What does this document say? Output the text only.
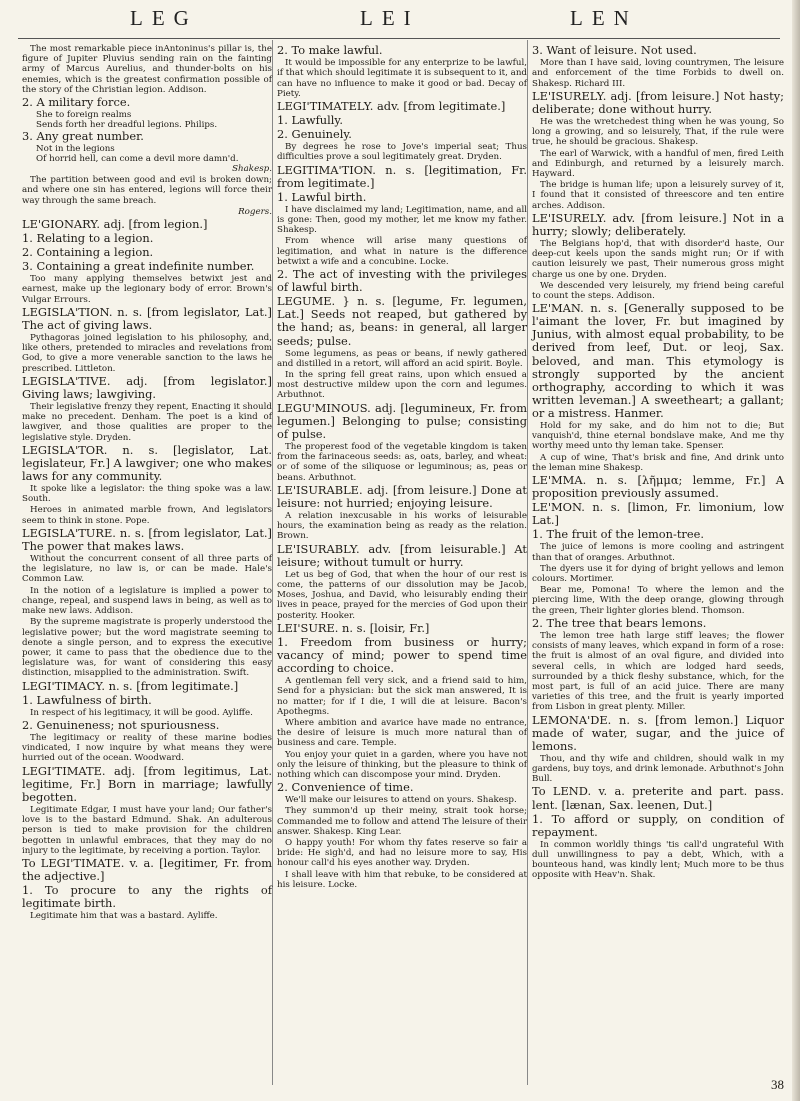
LEG	LEI	LEN

The most remarkable piece inAntoninus's pillar is, the figure of Jupiter Pluvius sending rain on the fainting army of Marcus Aurelius, and thunder-bolts on his enemies, which is the greatest confirmation possible of the story of the Christian legion. Addison.

2. A military force.

She to foreign realms

Sends forth her dreadful legions. Philips.

3. Any great number.

Not in the legions

Of horrid hell, can come a devil more damn'd.

Shakesp.

The partition between good and evil is broken down; and where one sin has entered, legions will force their way through the same breach.

Rogers.

LE'GIONARY. adj. [from legion.]

1. Relating to a legion.

2. Containing a legion.

3. Containing a great indefinite number.

Too many applying themselves betwixt jest and earnest, make up the legionary body of error. Brown's Vulgar Errours.

LEGISLA'TION. n. s. [from legislator, Lat.] The act of giving laws.

Pythagoras joined legislation to his philosophy, and, like others, pretended to miracles and revelations from God, to give a more venerable sanction to the laws he prescribed. Littleton.

LEGISLA'TIVE. adj. [from legislator.] Giving laws; lawgiving.

Their legislative frenzy they repent, Enacting it should make no precedent. Denham. The poet is a kind of lawgiver, and those qualities are proper to the legislative style. Dryden.

LEGISLA'TOR. n. s. [legislator, Lat. legislateur, Fr.] A lawgiver; one who makes laws for any community.

It spoke like a legislator: the thing spoke was a law. South.

Heroes in animated marble frown, And legislators seem to think in stone. Pope.

LEGISLA'TURE. n. s. [from legislator, Lat.] The power that makes laws.

Without the concurrent consent of all three parts of the legislature, no law is, or can be made. Hale's Common Law.

In the notion of a legislature is implied a power to change, repeal, and suspend laws in being, as well as to make new laws. Addison.

By the supreme magistrate is properly understood the legislative power; but the word magistrate seeming to denote a single person, and to express the executive power, it came to pass that the obedience due to the legislature was, for want of considering this easy distinction, misapplied to the administration. Swift.

LEGI'TIMACY. n. s. [from legitimate.]

1. Lawfulness of birth.

In respect of his legitimacy, it will be good. Ayliffe.

2. Genuineness; not spuriousness.

The legitimacy or reality of these marine bodies vindicated, I now inquire by what means they were hurried out of the ocean. Woodward.

LEGI'TIMATE. adj. [from legitimus, Lat. legitime, Fr.] Born in marriage; lawfully begotten.

Legitimate Edgar, I must have your land; Our father's love is to the bastard Edmund. Shak. An adulterous person is tied to make provision for the children begotten in unlawful embraces, that they may do no injury to the legitimate, by receiving a portion. Taylor.

To LEGI'TIMATE. v. a. [legitimer, Fr. from the adjective.]

1. To procure to any the rights of legitimate birth.

Legitimate him that was a bastard. Ayliffe.

2. To make lawful.

It would be impossible for any enterprize to be lawful, if that which should legitimate it is subsequent to it, and can have no influence to make it good or bad. Decay of Piety.

LEGI'TIMATELY. adv. [from legitimate.]

1. Lawfully.

2. Genuinely.

By degrees he rose to Jove's imperial seat; Thus difficulties prove a soul legitimately great. Dryden.

LEGITIMA'TION. n. s. [legitimation, Fr. from legitimate.]

1. Lawful birth.

I have disclaimed my land; Legitimation, name, and all is gone: Then, good my mother, let me know my father. Shakesp.

From whence will arise many questions of legitimation, and what in nature is the difference betwixt a wife and a concubine. Locke.

2. The act of investing with the privileges of lawful birth.

LEGUME. } n. s. [legume, Fr. legumen, Lat.] Seeds not reaped, but gathered by the hand; as, beans: in general, all larger seeds; pulse.

Some legumens, as peas or beans, if newly gathered and distilled in a retort, will afford an acid spirit. Boyle.

In the spring fell great rains, upon which ensued a most destructive mildew upon the corn and legumes. Arbuthnot.

LEGU'MINOUS. adj. [legumineux, Fr. from legumen.] Belonging to pulse; consisting of pulse.

The properest food of the vegetable kingdom is taken from the farinaceous seeds: as, oats, barley, and wheat: or of some of the siliquose or leguminous; as, peas or beans. Arbuthnot.

LE'ISURABLE. adj. [from leisure.] Done at leisure: not hurried; enjoying leisure.

A relation inexcusable in his works of leisurable hours, the examination being as ready as the relation. Brown.

LE'ISURABLY. adv. [from leisurable.] At leisure; without tumult or hurry.

Let us beg of God, that when the hour of our rest is come, the patterns of our dissolution may be Jacob, Moses, Joshua, and David, who leisurably ending their lives in peace, prayed for the mercies of God upon their posterity. Hooker.

LEI'SURE. n. s. [loisir, Fr.]

1. Freedom from business or hurry; vacancy of mind; power to spend time according to choice.

A gentleman fell very sick, and a friend said to him, Send for a physician: but the sick man answered, It is no matter; for if I die, I will die at leisure. Bacon's Apothegms.

Where ambition and avarice have made no entrance, the desire of leisure is much more natural than of business and care. Temple.

You enjoy your quiet in a garden, where you have not only the leisure of thinking, but the pleasure to think of nothing which can discompose your mind. Dryden.

2. Convenience of time.

We'll make our leisures to attend on yours. Shakesp.

They summon'd up their meiny, strait took horse; Commanded me to follow and attend The leisure of their answer. Shakesp. King Lear.

O happy youth! For whom thy fates reserve so fair a bride: He sigh'd, and had no leisure more to say, His honour call'd his eyes another way. Dryden.

I shall leave with him that rebuke, to be considered at his leisure. Locke.

3. Want of leisure. Not used.

More than I have said, loving countrymen, The leisure and enforcement of the time Forbids to dwell on. Shakesp. Richard III.

LE'ISURELY. adj. [from leisure.] Not hasty; deliberate; done without hurry.

He was the wretchedest thing when he was young, So long a growing, and so leisurely, That, if the rule were true, he should be gracious. Shakesp.

The earl of Warwick, with a handful of men, fired Leith and Edinburgh, and returned by a leisurely march. Hayward.

The bridge is human life; upon a leisurely survey of it, I found that it consisted of threescore and ten entire arches. Addison.

LE'ISURELY. adv. [from leisure.] Not in a hurry; slowly; deliberately.

The Belgians hop'd, that with disorder'd haste, Our deep-cut keels upon the sands might run; Or if with caution leisurely we past, Their numerous gross might charge us one by one. Dryden.

We descended very leisurely, my friend being careful to count the steps. Addison.

LE'MAN. n. s. [Generally supposed to be l'aimant the lover, Fr. but imagined by Junius, with almost equal probability, to be derived from leef, Dut. or leoj, Sax. beloved, and man. This etymology is strongly supported by the ancient orthography, according to which it was written leveman.] A sweetheart; a gallant; or a mistress. Hanmer.

Hold for my sake, and do him not to die; But vanquish'd, thine eternal bondslave make, And me thy worthy meed unto thy leman take. Spenser.

A cup of wine, That's brisk and fine, And drink unto the leman mine Shakesp.

LE'MMA. n. s. [λῆμμα; lemme, Fr.] A proposition previously assumed.

LE'MON. n. s. [limon, Fr. limonium, low Lat.]

1. The fruit of the lemon-tree.

The juice of lemons is more cooling and astringent than that of oranges. Arbuthnot.

The dyers use it for dying of bright yellows and lemon colours. Mortimer.

Bear me, Pomona! To where the lemon and the piercing lime, With the deep orange, glowing through the green, Their lighter glories blend. Thomson.

2. The tree that bears lemons.

The lemon tree hath large stiff leaves; the flower consists of many leaves, which expand in form of a rose: the fruit is almost of an oval figure, and divided into several cells, in which are lodged hard seeds, surrounded by a thick fleshy substance, which, for the most part, is full of an acid juice. There are many varieties of this tree, and the fruit is yearly imported from Lisbon in great plenty. Miller.

LEMONA'DE. n. s. [from lemon.] Liquor made of water, sugar, and the juice of lemons.

Thou, and thy wife and children, should walk in my gardens, buy toys, and drink lemonade. Arbuthnot's John Bull.

To LEND. v. a. preterite and part. pass. lent. [lænan, Sax. leenen, Dut.]

1. To afford or supply, on condition of repayment.

In common worldly things 'tis call'd ungrateful With dull unwillingness to pay a debt, Which, with a bounteous hand, was kindly lent; Much more to be thus opposite with Heav'n. Shak.

38
